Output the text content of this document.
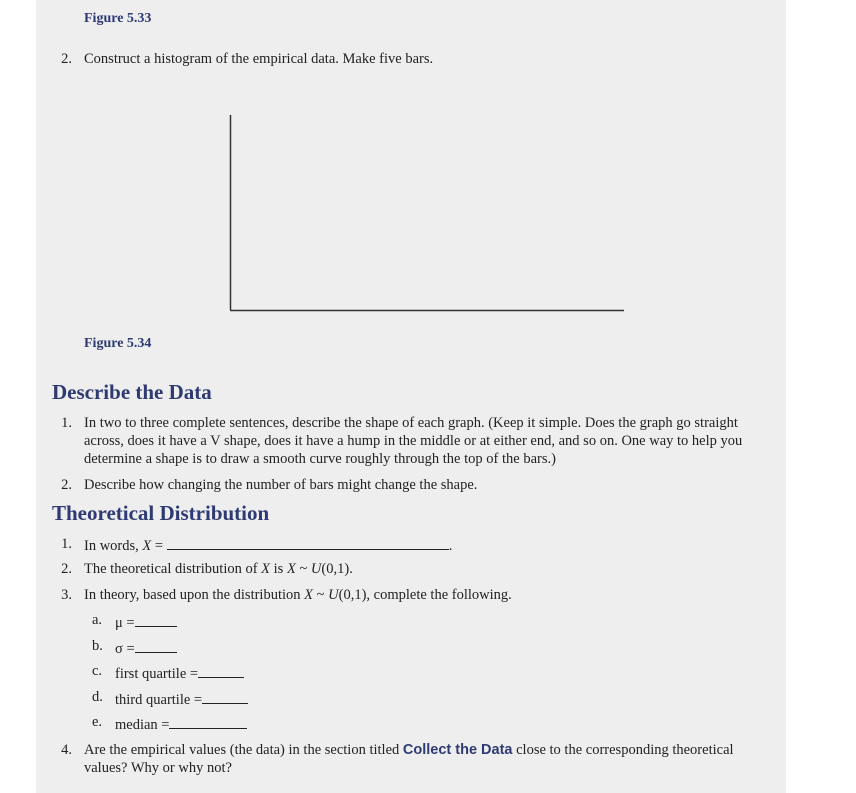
Figure 5.33
2. Construct a histogram of the empirical data. Make five bars.
Figure 5.34
Describe the Data
1. In two to three complete sentences, describe the shape of each graph. (Keep it simple. Does the graph go straight
across, does it have a V shape, does it have a hump in the middle or at either end, and so on. One way to help you
determine a shape is to draw a smooth curve roughly through the top of the bars.)
2. Describe how changing the number of bars might change the shape.
Theoretical Distribution
1. In words, X =	.
2. The theoretical distribution of X is X ~ U(0,1).
3. In theory, based upon the distribution X ~ U(0,1), complete the following.
a. μ =
b. σ =
c. first quartile =
d. third quartile =
e. median =
4. Are the empirical values (the data) in the section titled Collect the Data close to the corresponding theoretical
values? Why or why not?
